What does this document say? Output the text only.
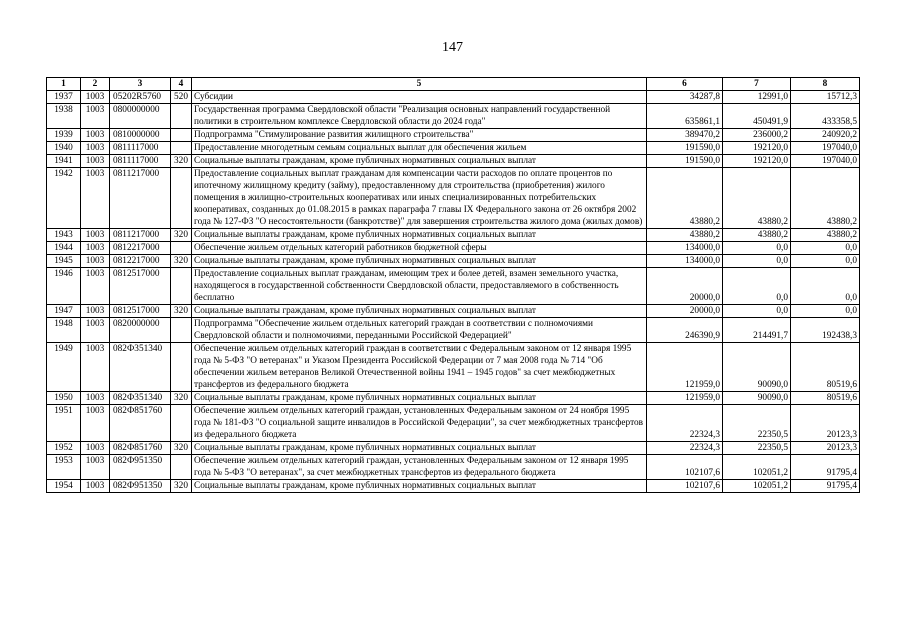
147
1	2	3	4	5	6	7	8
1937	1003	05202R5760	520	Субсидии	34287,8	12991,0	15712,3
1938	1003	0800000000		Государственная программа Свердловской области "Реализация основных направлений государственной политики в строительном комплексе Свердловской области до 2024 года"	635861,1	450491,9	433358,5
1939	1003	0810000000		Подпрограмма "Стимулирование развития жилищного строительства"	389470,2	236000,2	240920,2
1940	1003	0811117000		Предоставление многодетным семьям социальных выплат для обеспечения жильем	191590,0	192120,0	197040,0
1941	1003	0811117000	320	Социальные выплаты гражданам, кроме публичных нормативных социальных выплат	191590,0	192120,0	197040,0
1942	1003	0811217000		Предоставление социальных выплат гражданам для компенсации части расходов по оплате процентов по ипотечному жилищному кредиту (займу), предоставленному для строительства (приобретения) жилого помещения в жилищно-строительных кооперативах или иных специализированных потребительских кооперативах, созданных до 01.08.2015 в рамках параграфа 7 главы IX Федерального закона от 26 октября 2002 года № 127-ФЗ "О несостоятельности (банкротстве)" для завершения строительства жилого дома (жилых домов)	43880,2	43880,2	43880,2
1943	1003	0811217000	320	Социальные выплаты гражданам, кроме публичных нормативных социальных выплат	43880,2	43880,2	43880,2
1944	1003	0812217000		Обеспечение жильем отдельных категорий работников бюджетной сферы	134000,0	0,0	0,0
1945	1003	0812217000	320	Социальные выплаты гражданам, кроме публичных нормативных социальных выплат	134000,0	0,0	0,0
1946	1003	0812517000		Предоставление социальных выплат гражданам, имеющим трех и более детей, взамен земельного участка, находящегося в государственной собственности Свердловской области, предоставляемого в собственность бесплатно	20000,0	0,0	0,0
1947	1003	0812517000	320	Социальные выплаты гражданам, кроме публичных нормативных социальных выплат	20000,0	0,0	0,0
1948	1003	0820000000		Подпрограмма "Обеспечение жильем отдельных категорий граждан в соответствии с полномочиями Свердловской области и полномочиями, переданными Российской Федерацией"	246390,9	214491,7	192438,3
1949	1003	082Ф351340		Обеспечение жильем отдельных категорий граждан в соответствии с Федеральным законом от 12 января 1995 года № 5-ФЗ "О ветеранах" и Указом Президента Российской Федерации от 7 мая 2008 года № 714 "Об обеспечении жильем ветеранов Великой Отечественной войны 1941 – 1945 годов" за счет межбюджетных трансфертов из федерального бюджета	121959,0	90090,0	80519,6
1950	1003	082Ф351340	320	Социальные выплаты гражданам, кроме публичных нормативных социальных выплат	121959,0	90090,0	80519,6
1951	1003	082Ф851760		Обеспечение жильем отдельных категорий граждан, установленных Федеральным законом от 24 ноября 1995 года № 181-ФЗ "О социальной защите инвалидов в Российской Федерации", за счет межбюджетных трансфертов из федерального бюджета	22324,3	22350,5	20123,3
1952	1003	082Ф851760	320	Социальные выплаты гражданам, кроме публичных нормативных социальных выплат	22324,3	22350,5	20123,3
1953	1003	082Ф951350		Обеспечение жильем отдельных категорий граждан, установленных Федеральным законом от 12 января 1995 года № 5-ФЗ "О ветеранах", за счет межбюджетных трансфертов из федерального бюджета	102107,6	102051,2	91795,4
1954	1003	082Ф951350	320	Социальные выплаты гражданам, кроме публичных нормативных социальных выплат	102107,6	102051,2	91795,4
